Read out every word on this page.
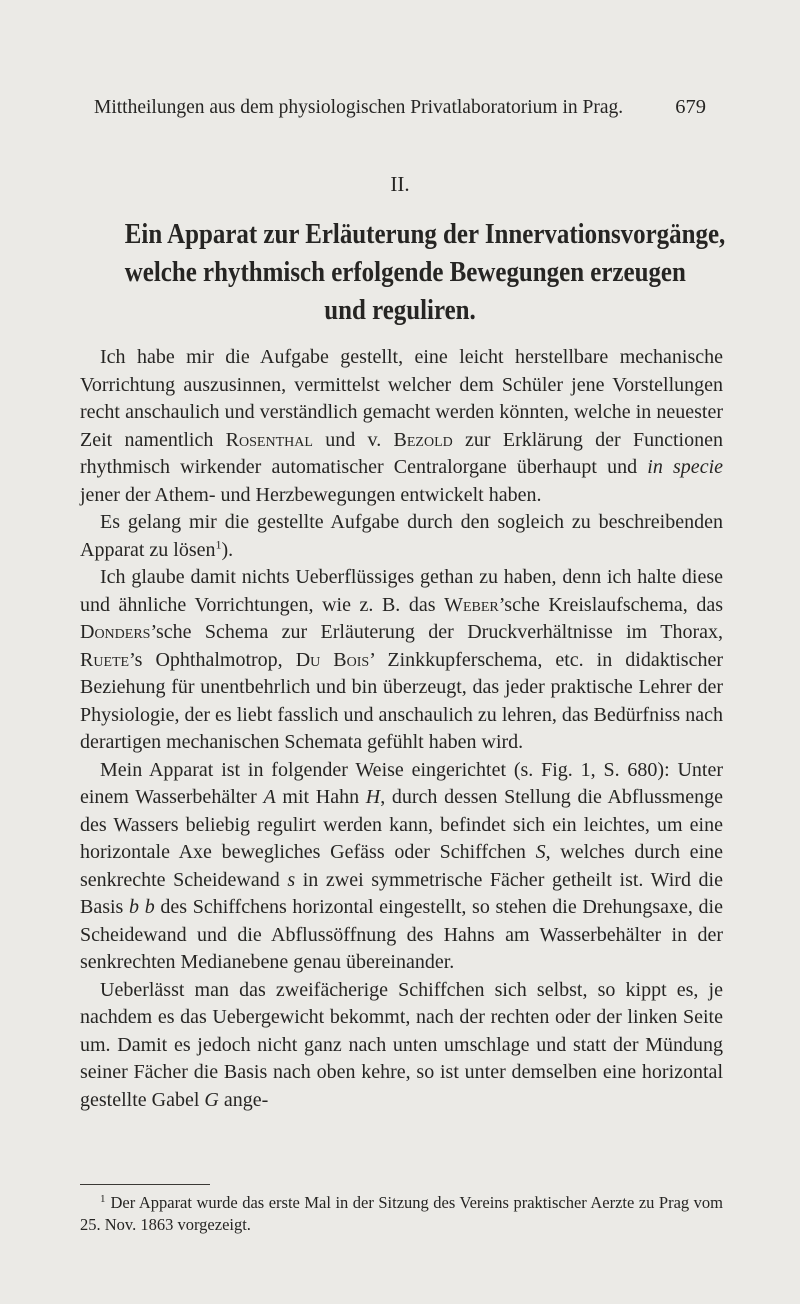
Mittheilungen aus dem physiologischen Privatlaboratorium in Prag.	679
II.
Ein Apparat zur Erläuterung der Innervationsvorgänge,
welche rhythmisch erfolgende Bewegungen erzeugen
und reguliren.

Ich habe mir die Aufgabe gestellt, eine leicht herstellbare mechanische Vorrichtung auszusinnen, vermittelst welcher dem Schüler jene Vorstellungen recht anschaulich und verständlich gemacht werden könnten, welche in neuester Zeit namentlich Rosenthal und v. Bezold zur Erklärung der Functionen rhythmisch wirkender automatischer Centralorgane überhaupt und in specie jener der Athem- und Herzbewegungen entwickelt haben.

Es gelang mir die gestellte Aufgabe durch den sogleich zu beschreibenden Apparat zu lösen$^1$).

Ich glaube damit nichts Ueberflüssiges gethan zu haben, denn ich halte diese und ähnliche Vorrichtungen, wie z. B. das Weber’sche Kreislaufschema, das Donders’sche Schema zur Erläuterung der Druckverhältnisse im Thorax, Ruete’s Ophthalmotrop, Du Bois’ Zinkkupferschema, etc. in didaktischer Beziehung für unentbehrlich und bin überzeugt, das jeder praktische Lehrer der Physiologie, der es liebt fasslich und anschaulich zu lehren, das Bedürfniss nach derartigen mechanischen Schemata gefühlt haben wird.

Mein Apparat ist in folgender Weise eingerichtet (s. Fig. 1, S. 680): Unter einem Wasserbehälter A mit Hahn H, durch dessen Stellung die Abflussmenge des Wassers beliebig regulirt werden kann, befindet sich ein leichtes, um eine horizontale Axe bewegliches Gefäss oder Schiffchen S, welches durch eine senkrechte Scheidewand s in zwei symmetrische Fächer getheilt ist. Wird die Basis b b des Schiffchens horizontal eingestellt, so stehen die Drehungsaxe, die Scheidewand und die Abflussöffnung des Hahns am Wasserbehälter in der senkrechten Medianebene genau übereinander.

Ueberlässt man das zweifächerige Schiffchen sich selbst, so kippt es, je nachdem es das Uebergewicht bekommt, nach der rechten oder der linken Seite um. Damit es jedoch nicht ganz nach unten umschlage und statt der Mündung seiner Fächer die Basis nach oben kehre, so ist unter demselben eine horizontal gestellte Gabel G ange-

$^1$ Der Apparat wurde das erste Mal in der Sitzung des Vereins praktischer Aerzte zu Prag vom 25. Nov. 1863 vorgezeigt.
